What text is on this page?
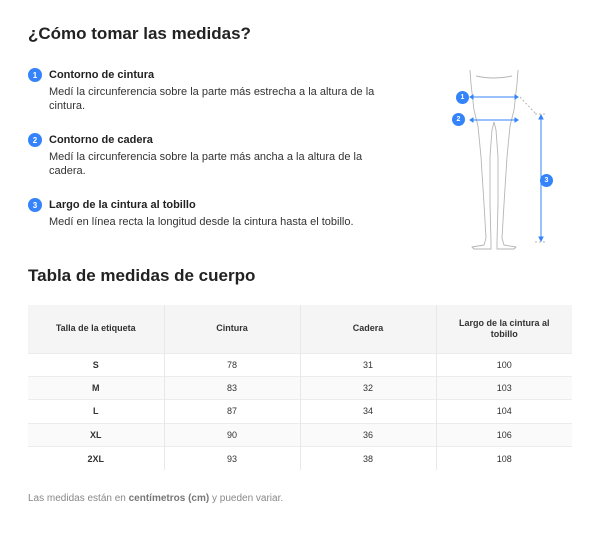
¿Cómo tomar las medidas?
1	Contorno de cintura
Medí la circunferencia sobre la parte más estrecha a la altura de la cintura.
2	Contorno de cadera
Medí la circunferencia sobre la parte más ancha a la altura de la cadera.
3	Largo de la cintura al tobillo
Medí en línea recta la longitud desde la cintura hasta el tobillo.
1
2
3
Tabla de medidas de cuerpo
Talla de la etiqueta	Cintura	Cadera	Largo de la cintura al tobillo
S	78	31	100
M	83	32	103
L	87	34	104
XL	90	36	106
2XL	93	38	108
Las medidas están en centímetros (cm) y pueden variar.
